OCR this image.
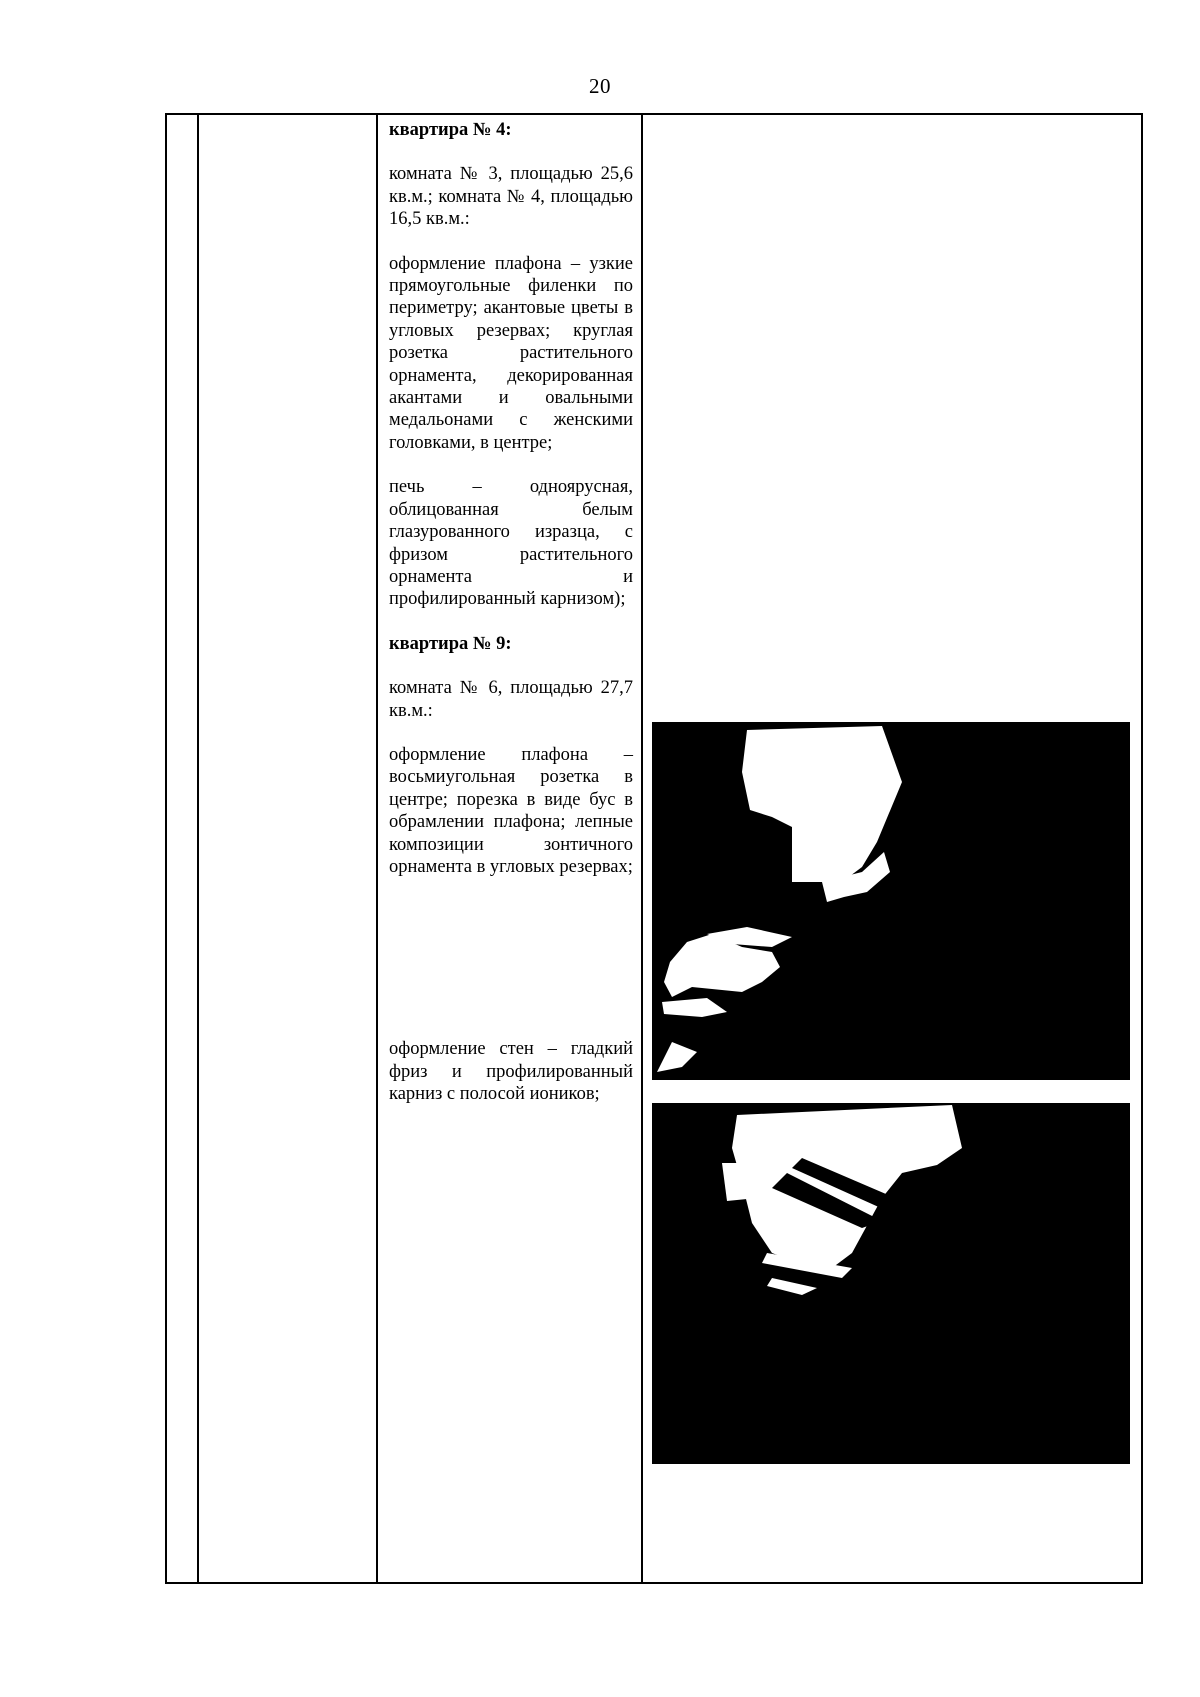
20

квартира № 4:

комната № 3, площадью 25,6 кв.м.; комната № 4, площадью 16,5 кв.м.:

оформление плафона – узкие прямоугольные филенки по периметру; акантовые цветы в угловых резервах; круглая розетка растительного орнамента, декорированная акантами и овальными медальонами с женскими головками, в центре;

печь – одноярусная, облицованная белым глазурованного изразца, с фризом растительного орнамента и профилированный карнизом);

квартира № 9:

комната № 6, площадью 27,7 кв.м.:

оформление плафона – восьмиугольная розетка в центре; порезка в виде бус в обрамлении плафона; лепные композиции зонтичного орнамента в угловых резервах;

оформление стен – гладкий фриз и профилированный карниз с полосой иоников;
